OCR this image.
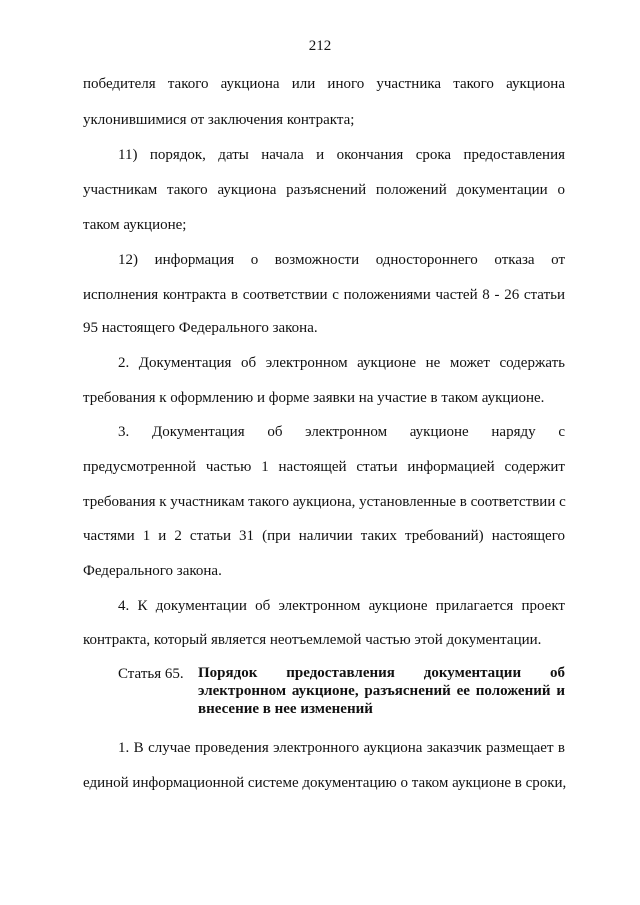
212
победителя такого аукциона или иного участника такого аукциона
уклонившимися от заключения контракта;
11) порядок, даты начала и окончания срока предоставления
участникам такого аукциона разъяснений положений документации о
таком аукционе;
12) информация о возможности одностороннего отказа от
исполнения контракта в соответствии с положениями частей 8 - 26 статьи
95 настоящего Федерального закона.
2. Документация об электронном аукционе не может содержать
требования к оформлению и форме заявки на участие в таком аукционе.
3. Документация об электронном аукционе наряду с
предусмотренной частью 1 настоящей статьи информацией содержит
требования к участникам такого аукциона, установленные в соответствии с
частями 1 и 2 статьи 31 (при наличии таких требований) настоящего
Федерального закона.
4. К документации об электронном аукционе прилагается проект
контракта, который является неотъемлемой частью этой документации.
Статья 65. Порядок предоставления документации об
электронном аукционе, разъяснений ее положений и
внесение в нее изменений
1. В случае проведения электронного аукциона заказчик размещает в
единой информационной системе документацию о таком аукционе в сроки,
